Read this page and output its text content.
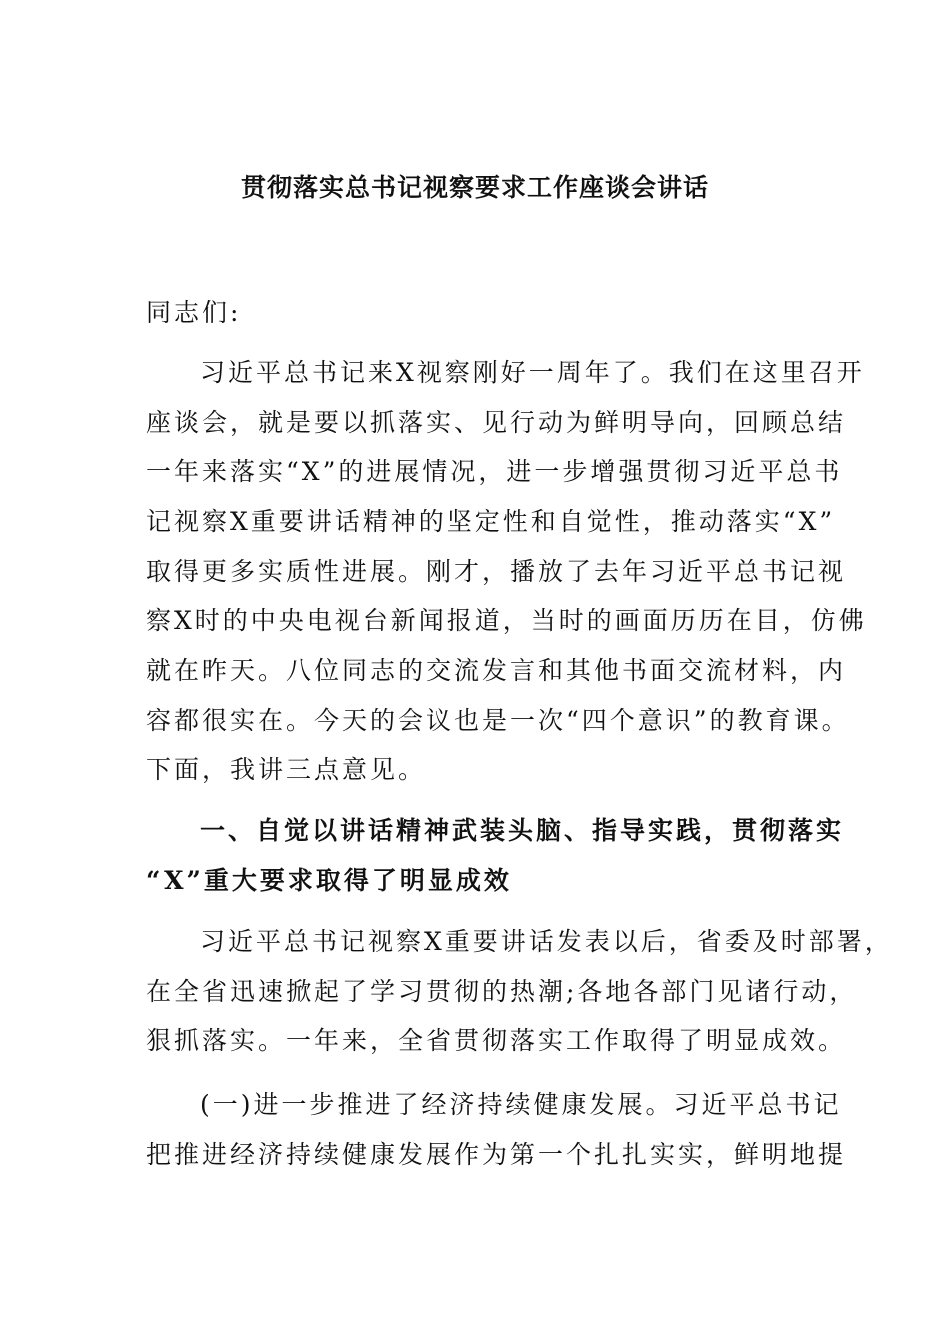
贯彻落实总书记视察要求工作座谈会讲话
同志们:
习近平总书记来X视察刚好一周年了。我们在这里召开
座谈会，就是要以抓落实、见行动为鲜明导向，回顾总结
一年来落实“X”的进展情况，进一步增强贯彻习近平总书
记视察X重要讲话精神的坚定性和自觉性，推动落实“X”
取得更多实质性进展。刚才，播放了去年习近平总书记视
察X时的中央电视台新闻报道，当时的画面历历在目，仿佛
就在昨天。八位同志的交流发言和其他书面交流材料，内
容都很实在。今天的会议也是一次“四个意识”的教育课。
下面，我讲三点意见。
一、自觉以讲话精神武装头脑、指导实践，贯彻落实
“X”重大要求取得了明显成效
习近平总书记视察X重要讲话发表以后，省委及时部署，
在全省迅速掀起了学习贯彻的热潮;各地各部门见诸行动，
狠抓落实。一年来，全省贯彻落实工作取得了明显成效。
(一)进一步推进了经济持续健康发展。习近平总书记
把推进经济持续健康发展作为第一个扎扎实实，鲜明地提
